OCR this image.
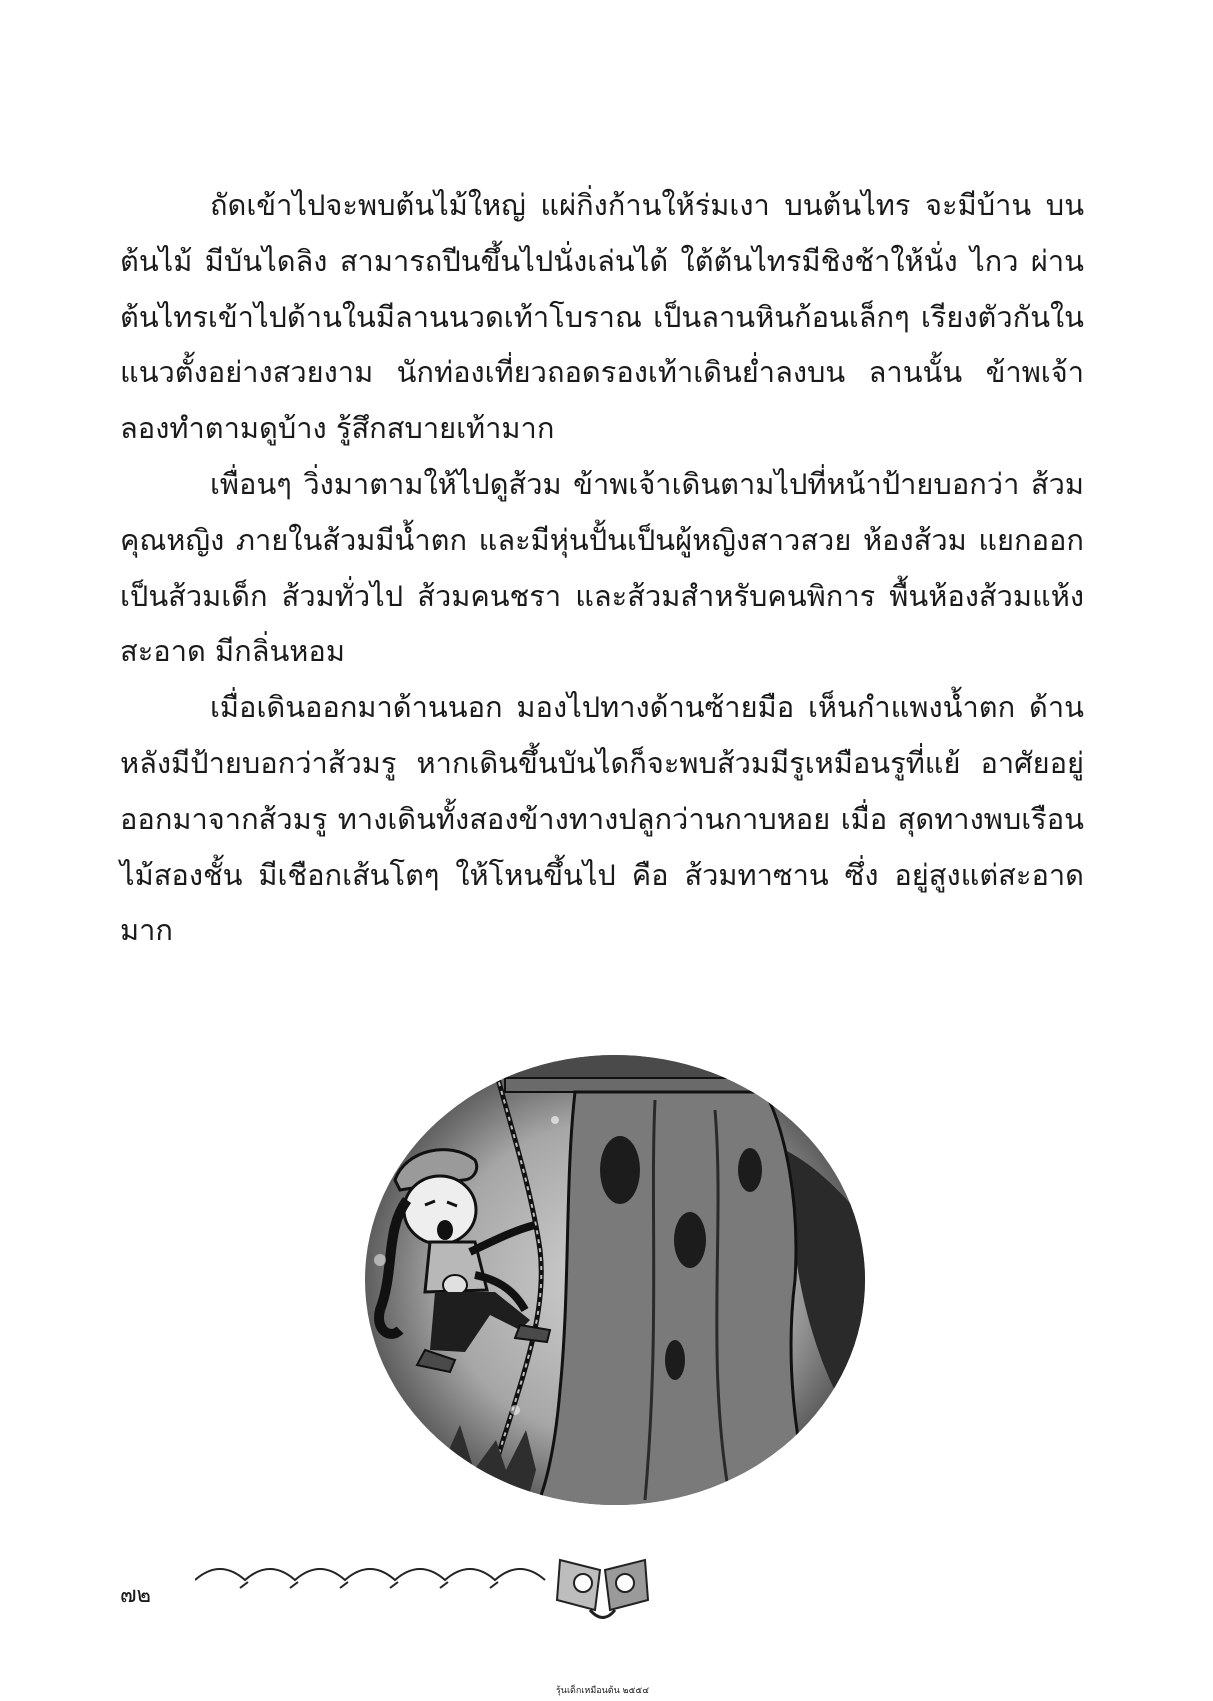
ถัดเข้าไปจะพบต้นไม้ใหญ่ แผ่กิ่งก้านให้ร่มเงา บนต้นไทร จะมีบ้าน บนต้นไม้ มีบันไดลิง สามารถปีนขึ้นไปนั่งเล่นได้ ใต้ต้นไทรมีชิงช้าให้นั่ง ไกว ผ่านต้นไทรเข้าไปด้านในมีลานนวดเท้าโบราณ เป็นลานหินก้อนเล็กๆ เรียงตัวกันในแนวตั้งอย่างสวยงาม นักท่องเที่ยวถอดรองเท้าเดินย่ำลงบน ลานนั้น ข้าพเจ้าลองทำตามดูบ้าง รู้สึกสบายเท้ามาก

เพื่อนๆ วิ่งมาตามให้ไปดูส้วม ข้าพเจ้าเดินตามไปที่หน้าป้ายบอกว่า ส้วมคุณหญิง ภายในส้วมมีน้ำตก และมีหุ่นปั้นเป็นผู้หญิงสาวสวย ห้องส้วม แยกออกเป็นส้วมเด็ก ส้วมทั่วไป ส้วมคนชรา และส้วมสำหรับคนพิการ พื้นห้องส้วมแห้งสะอาด มีกลิ่นหอม

เมื่อเดินออกมาด้านนอก มองไปทางด้านซ้ายมือ เห็นกำแพงน้ำตก ด้านหลังมีป้ายบอกว่าส้วมรู หากเดินขึ้นบันไดก็จะพบส้วมมีรูเหมือนรูที่แย้ อาศัยอยู่ ออกมาจากส้วมรู ทางเดินทั้งสองข้างทางปลูกว่านกาบหอย เมื่อ สุดทางพบเรือนไม้สองชั้น มีเชือกเส้นโตๆ ให้โหนขึ้นไป คือ ส้วมทาซาน ซึ่ง อยู่สูงแต่สะอาดมาก

๗๒
รุ้นเด็กเหมือนต้น ๒๕๕๔
